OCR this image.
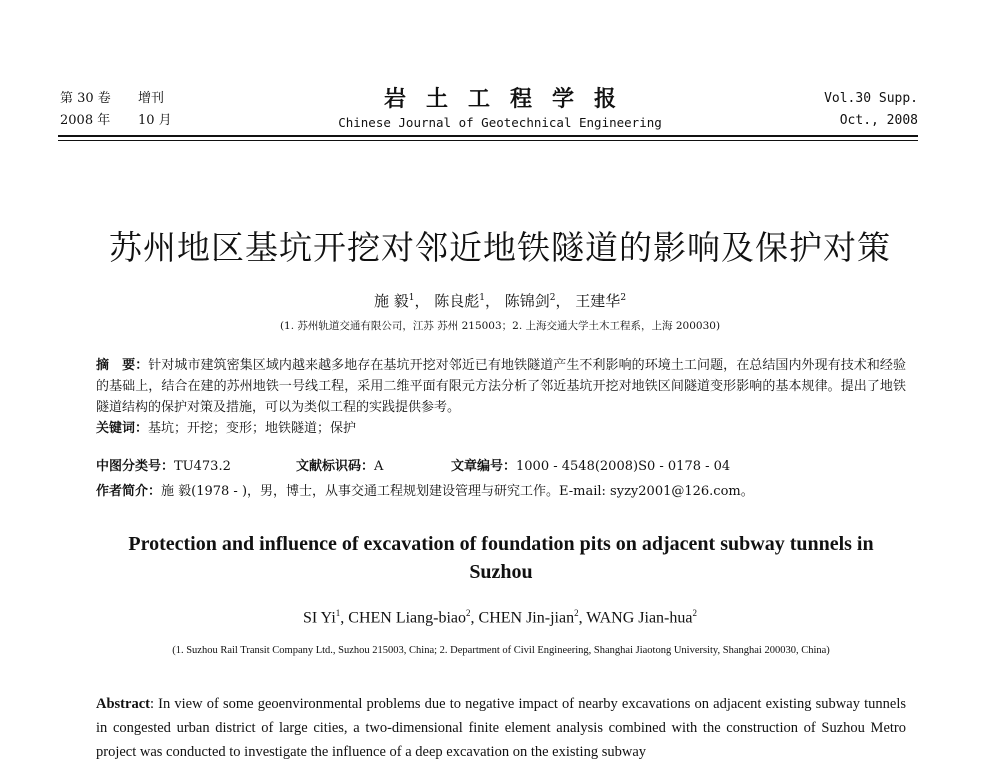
第 30 卷 增刊
2008 年 10 月
岩土工程学报
Chinese Journal of Geotechnical Engineering
Vol.30 Supp.
Oct., 2008
苏州地区基坑开挖对邻近地铁隧道的影响及保护对策
施 毅$^1$， 陈良彪$^1$， 陈锦剑$^2$， 王建华$^2$
(1. 苏州轨道交通有限公司，江苏 苏州 215003；2. 上海交通大学土木工程系，上海 200030)
摘　要：针对城市建筑密集区域内越来越多地存在基坑开挖对邻近已有地铁隧道产生不利影响的环境土工问题，在总结国内外现有技术和经验的基础上，结合在建的苏州地铁一号线工程，采用二维平面有限元方法分析了邻近基坑开挖对地铁区间隧道变形影响的基本规律。提出了地铁隧道结构的保护对策及措施，可以为类似工程的实践提供参考。
关键词：基坑；开挖；变形；地铁隧道；保护
中图分类号：TU473.2	文献标识码：A	文章编号：1000 - 4548(2008)S0 - 0178 - 04
作者简介：施 毅(1978 - )，男，博士，从事交通工程规划建设管理与研究工作。E-mail: syzy2001@126.com。
Protection and influence of excavation of foundation pits on adjacent subway tunnels in Suzhou
SI Yi$^1$, CHEN Liang-biao$^2$, CHEN Jin-jian$^2$, WANG Jian-hua$^2$
(1. Suzhou Rail Transit Company Ltd., Suzhou 215003, China; 2. Department of Civil Engineering, Shanghai Jiaotong University, Shanghai 200030, China)
Abstract: In view of some geoenvironmental problems due to negative impact of nearby excavations on adjacent existing subway tunnels in congested urban district of large cities, a two-dimensional finite element analysis combined with the construction of Suzhou Metro project was conducted to investigate the influence of a deep excavation on the existing subway
